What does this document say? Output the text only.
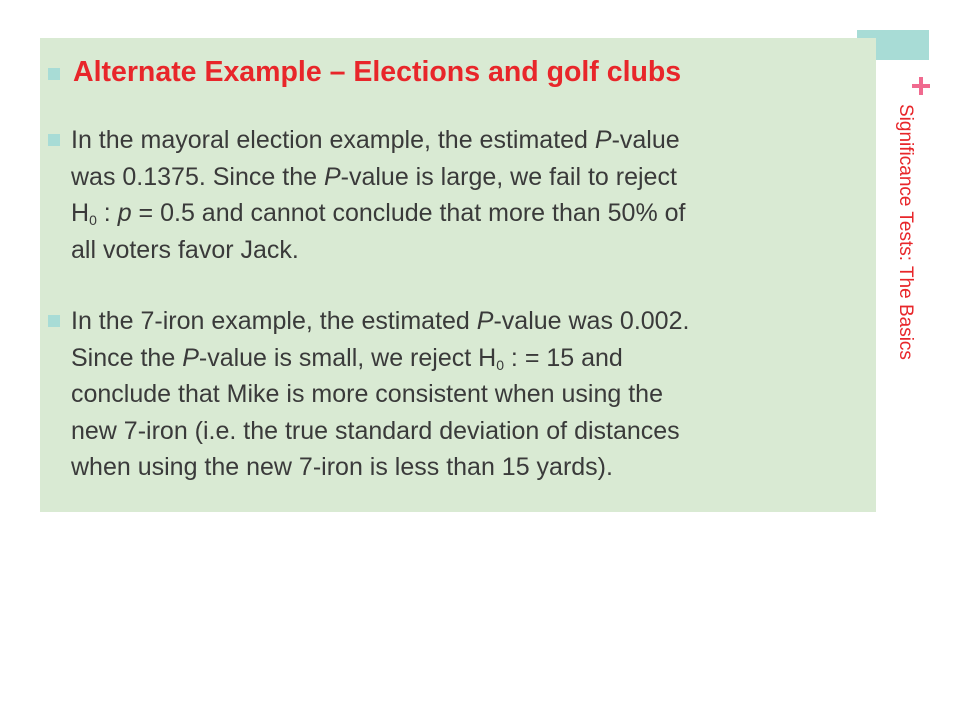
Significance Tests: The Basics
Alternate Example – Elections and golf clubs
In the mayoral election example, the estimated P-value
was 0.1375. Since the P-value is large, we fail to reject
$H_0$ : p = 0.5 and cannot conclude that more than 50% of
all voters favor Jack.
In the 7-iron example, the estimated P-value was 0.002.
Since the P-value is small, we reject $H_0$ : = 15 and
conclude that Mike is more consistent when using the
new 7-iron (i.e. the true standard deviation of distances
when using the new 7-iron is less than 15 yards).
